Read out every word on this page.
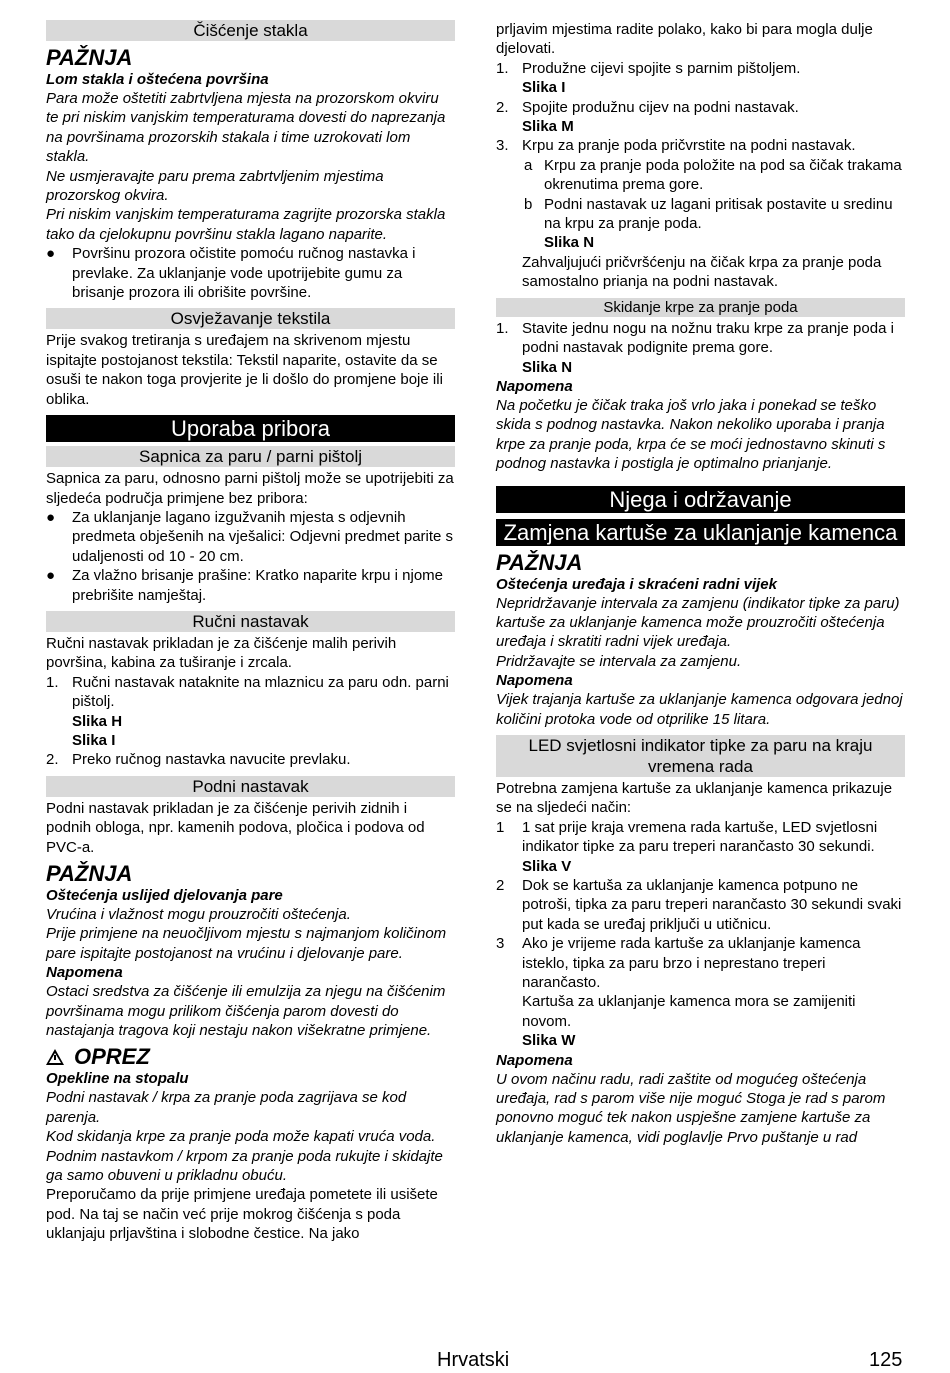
Čišćenje stakla
PAŽNJA
Lom stakla i oštećena površina
Para može oštetiti zabrtvljena mjesta na prozorskom okviru te pri niskim vanjskim temperaturama dovesti do naprezanja na površinama prozorskih stakala i time uzrokovati lom stakla.
Ne usmjeravajte paru prema zabrtvljenim mjestima prozorskog okvira.
Pri niskim vanjskim temperaturama zagrijte prozorska stakla tako da cjelokupnu površinu stakla lagano naparite.
● Površinu prozora očistite pomoću ručnog nastavka i prevlake. Za uklanjanje vode upotrijebite gumu za brisanje prozora ili obrišite površine.
Osvježavanje tekstila
Prije svakog tretiranja s uređajem na skrivenom mjestu ispitajte postojanost tekstila: Tekstil naparite, ostavite da se osuši te nakon toga provjerite je li došlo do promjene boje ili oblika.
Uporaba pribora
Sapnica za paru / parni pištolj
Sapnica za paru, odnosno parni pištolj može se upotrijebiti za sljedeća područja primjene bez pribora:
● Za uklanjanje lagano izgužvanih mjesta s odjevnih predmeta obješenih na vješalici: Odjevni predmet parite s udaljenosti od 10 - 20 cm.
● Za vlažno brisanje prašine: Kratko naparite krpu i njome prebrišite namještaj.
Ručni nastavak
Ručni nastavak prikladan je za čišćenje malih perivih površina, kabina za tuširanje i zrcala.
1. Ručni nastavak nataknite na mlaznicu za paru odn. parni pištolj.
Slika H
Slika I
2. Preko ručnog nastavka navucite prevlaku.
Podni nastavak
Podni nastavak prikladan je za čišćenje perivih zidnih i podnih obloga, npr. kamenih podova, pločica i podova od PVC-a.
PAŽNJA
Oštećenja uslijed djelovanja pare
Vrućina i vlažnost mogu prouzročiti oštećenja.
Prije primjene na neuočljivom mjestu s najmanjom količinom pare ispitajte postojanost na vrućinu i djelovanje pare.
Napomena
Ostaci sredstva za čišćenje ili emulzija za njegu na čišćenim površinama mogu prilikom čišćenja parom dovesti do nastajanja tragova koji nestaju nakon višekratne primjene.
OPREZ
Opekline na stopalu
Podni nastavak / krpa za pranje poda zagrijava se kod parenja.
Kod skidanja krpe za pranje poda može kapati vruća voda.
Podnim nastavkom / krpom za pranje poda rukujte i skidajte ga samo obuveni u prikladnu obuću.
Preporučamo da prije primjene uređaja pometete ili usišete pod. Na taj se način već prije mokrog čišćenja s poda uklanjaju prljavština i slobodne čestice. Na jako
prljavim mjestima radite polako, kako bi para mogla dulje djelovati.
1. Produžne cijevi spojite s parnim pištoljem.
Slika I
2. Spojite produžnu cijev na podni nastavak.
Slika M
3. Krpu za pranje poda pričvrstite na podni nastavak.
a Krpu za pranje poda položite na pod sa čičak trakama okrenutima prema gore.
b Podni nastavak uz lagani pritisak postavite u sredinu na krpu za pranje poda.
Slika N
Zahvaljujući pričvršćenju na čičak krpa za pranje poda samostalno prianja na podni nastavak.
Skidanje krpe za pranje poda
1. Stavite jednu nogu na nožnu traku krpe za pranje poda i podni nastavak podignite prema gore.
Slika N
Napomena
Na početku je čičak traka još vrlo jaka i ponekad se teško skida s podnog nastavka. Nakon nekoliko uporaba i pranja krpe za pranje poda, krpa će se moći jednostavno skinuti s podnog nastavka i postigla je optimalno prianjanje.
Njega i održavanje
Zamjena kartuše za uklanjanje kamenca
PAŽNJA
Oštećenja uređaja i skraćeni radni vijek
Nepridržavanje intervala za zamjenu (indikator tipke za paru) kartuše za uklanjanje kamenca može prouzročiti oštećenja uređaja i skratiti radni vijek uređaja.
Pridržavajte se intervala za zamjenu.
Napomena
Vijek trajanja kartuše za uklanjanje kamenca odgovara jednoj količini protoka vode od otprilike 15 litara.
LED svjetlosni indikator tipke za paru na kraju vremena rada
Potrebna zamjena kartuše za uklanjanje kamenca prikazuje se na sljedeći način:
1 1 sat prije kraja vremena rada kartuše, LED svjetlosni indikator tipke za paru treperi narančasto 30 sekundi.
Slika V
2 Dok se kartuša za uklanjanje kamenca potpuno ne potroši, tipka za paru treperi narančasto 30 sekundi svaki put kada se uređaj priključi u utičnicu.
3 Ako je vrijeme rada kartuše za uklanjanje kamenca isteklo, tipka za paru brzo i neprestano treperi narančasto.
Kartuša za uklanjanje kamenca mora se zamijeniti novom.
Slika W
Napomena
U ovom načinu radu, radi zaštite od mogućeg oštećenja uređaja, rad s parom više nije moguć Stoga je rad s parom ponovno moguć tek nakon uspješne zamjene kartuše za uklanjanje kamenca, vidi poglavlje Prvo puštanje u rad
Hrvatski	125
